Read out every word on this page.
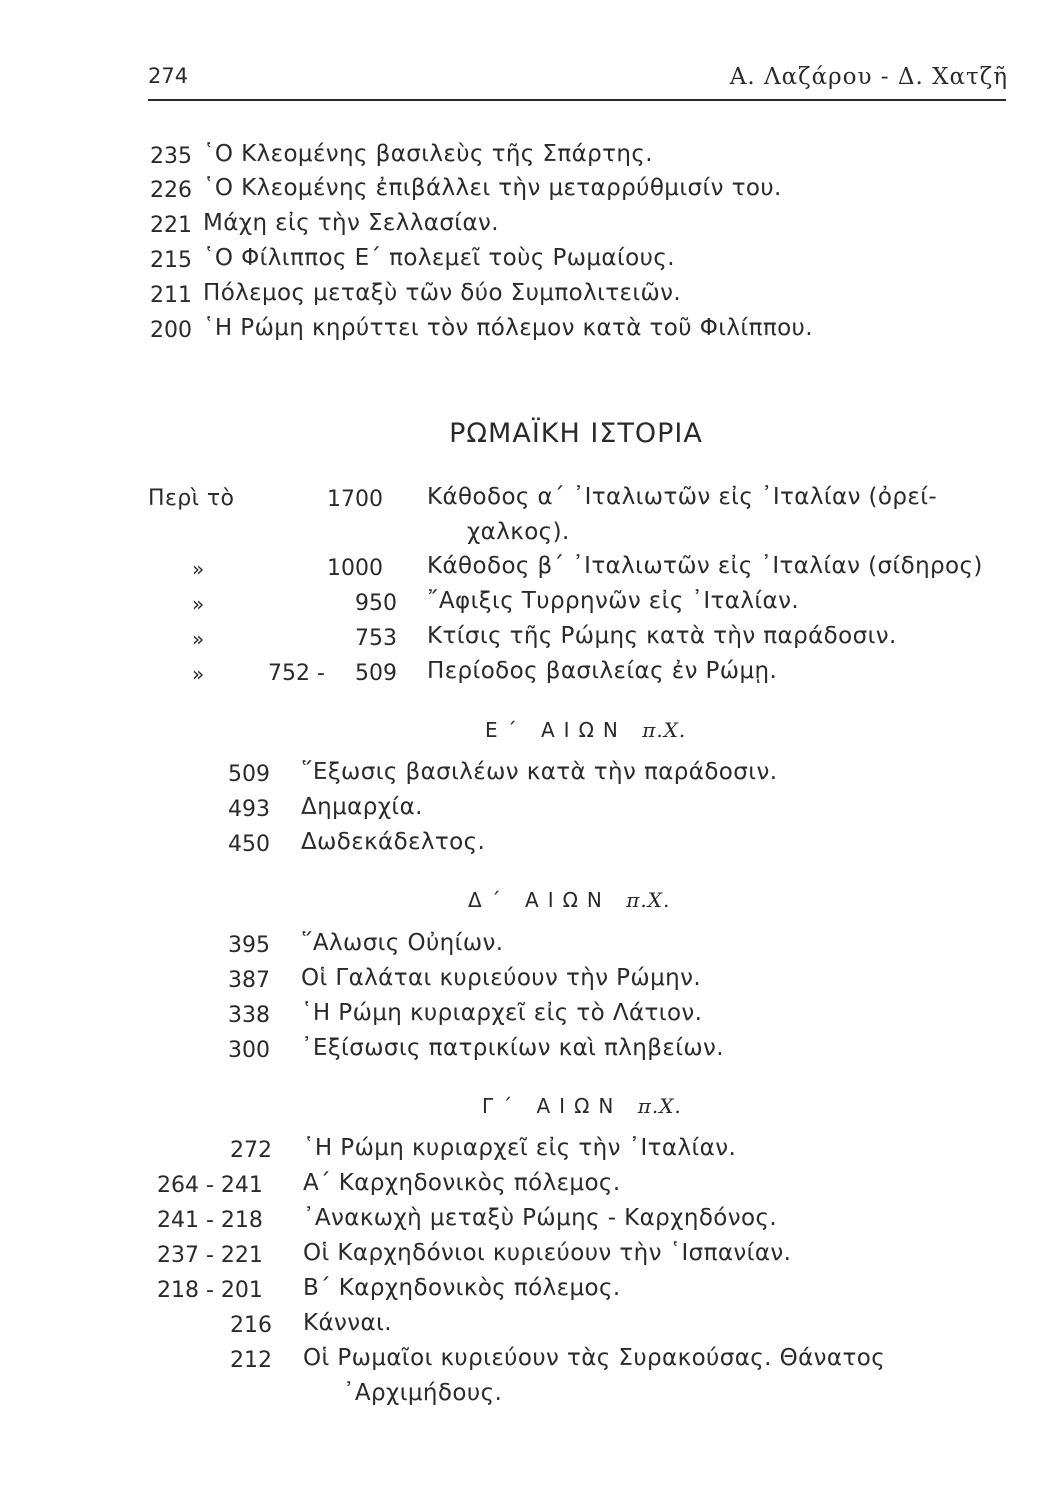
274	Α. Λαζάρου - Δ. Χατζῆ
235 ῾Ο Κλεομένης βασιλεὺς τῆς Σπάρτης.
226 ῾Ο Κλεομένης ἐπιβάλλει τὴν μεταρρύθμισίν του.
221 Μάχη εἰς τὴν Σελλασίαν.
215 ῾Ο Φίλιππος Ε΄ πολεμεῖ τοὺς Ρωμαίους.
211 Πόλεμος μεταξὺ τῶν δύο Συμπολιτειῶν.
200 ῾Η Ρώμη κηρύττει τὸν πόλεμον κατὰ τοῦ Φιλίππου.
ΡΩΜΑΪΚΗ ΙΣΤΟΡΙΑ
Περὶ τὸ	1700 Κάθοδος α΄ ᾿Ιταλιωτῶν εἰς ᾿Ιταλίαν (ὀρεί-
χαλκος).
»	1000 Κάθοδος β΄ ᾿Ιταλιωτῶν εἰς ᾿Ιταλίαν (σίδηρος)
»	950 ῎Αφιξις Τυρρηνῶν εἰς ᾿Ιταλίαν.
»	753 Κτίσις τῆς Ρώμης κατὰ τὴν παράδοσιν.
»	752 - 509 Περίοδος βασιλείας ἐν Ρώμῃ.
Ε΄ ΑΙΩΝ π.Χ.
509 ῞Εξωσις βασιλέων κατὰ τὴν παράδοσιν.
493 Δημαρχία.
450 Δωδεκάδελτος.
Δ΄ ΑΙΩΝ π.Χ.
395 ῞Αλωσις Οὐηίων.
387 Οἱ Γαλάται κυριεύουν τὴν Ρώμην.
338 ῾Η Ρώμη κυριαρχεῖ εἰς τὸ Λάτιον.
300 ᾿Εξίσωσις πατρικίων καὶ πληβείων.
Γ΄ ΑΙΩΝ π.Χ.
272 ῾Η Ρώμη κυριαρχεῖ εἰς τὴν ᾿Ιταλίαν.
264 - 241 Α΄ Καρχηδονικὸς πόλεμος.
241 - 218 ᾿Ανακωχὴ μεταξὺ Ρώμης - Καρχηδόνος.
237 - 221 Οἱ Καρχηδόνιοι κυριεύουν τὴν ῾Ισπανίαν.
218 - 201 Β΄ Καρχηδονικὸς πόλεμος.
216 Κάνναι.
212 Οἱ Ρωμαῖοι κυριεύουν τὰς Συρακούσας. Θάνατος
᾿Αρχιμήδους.
